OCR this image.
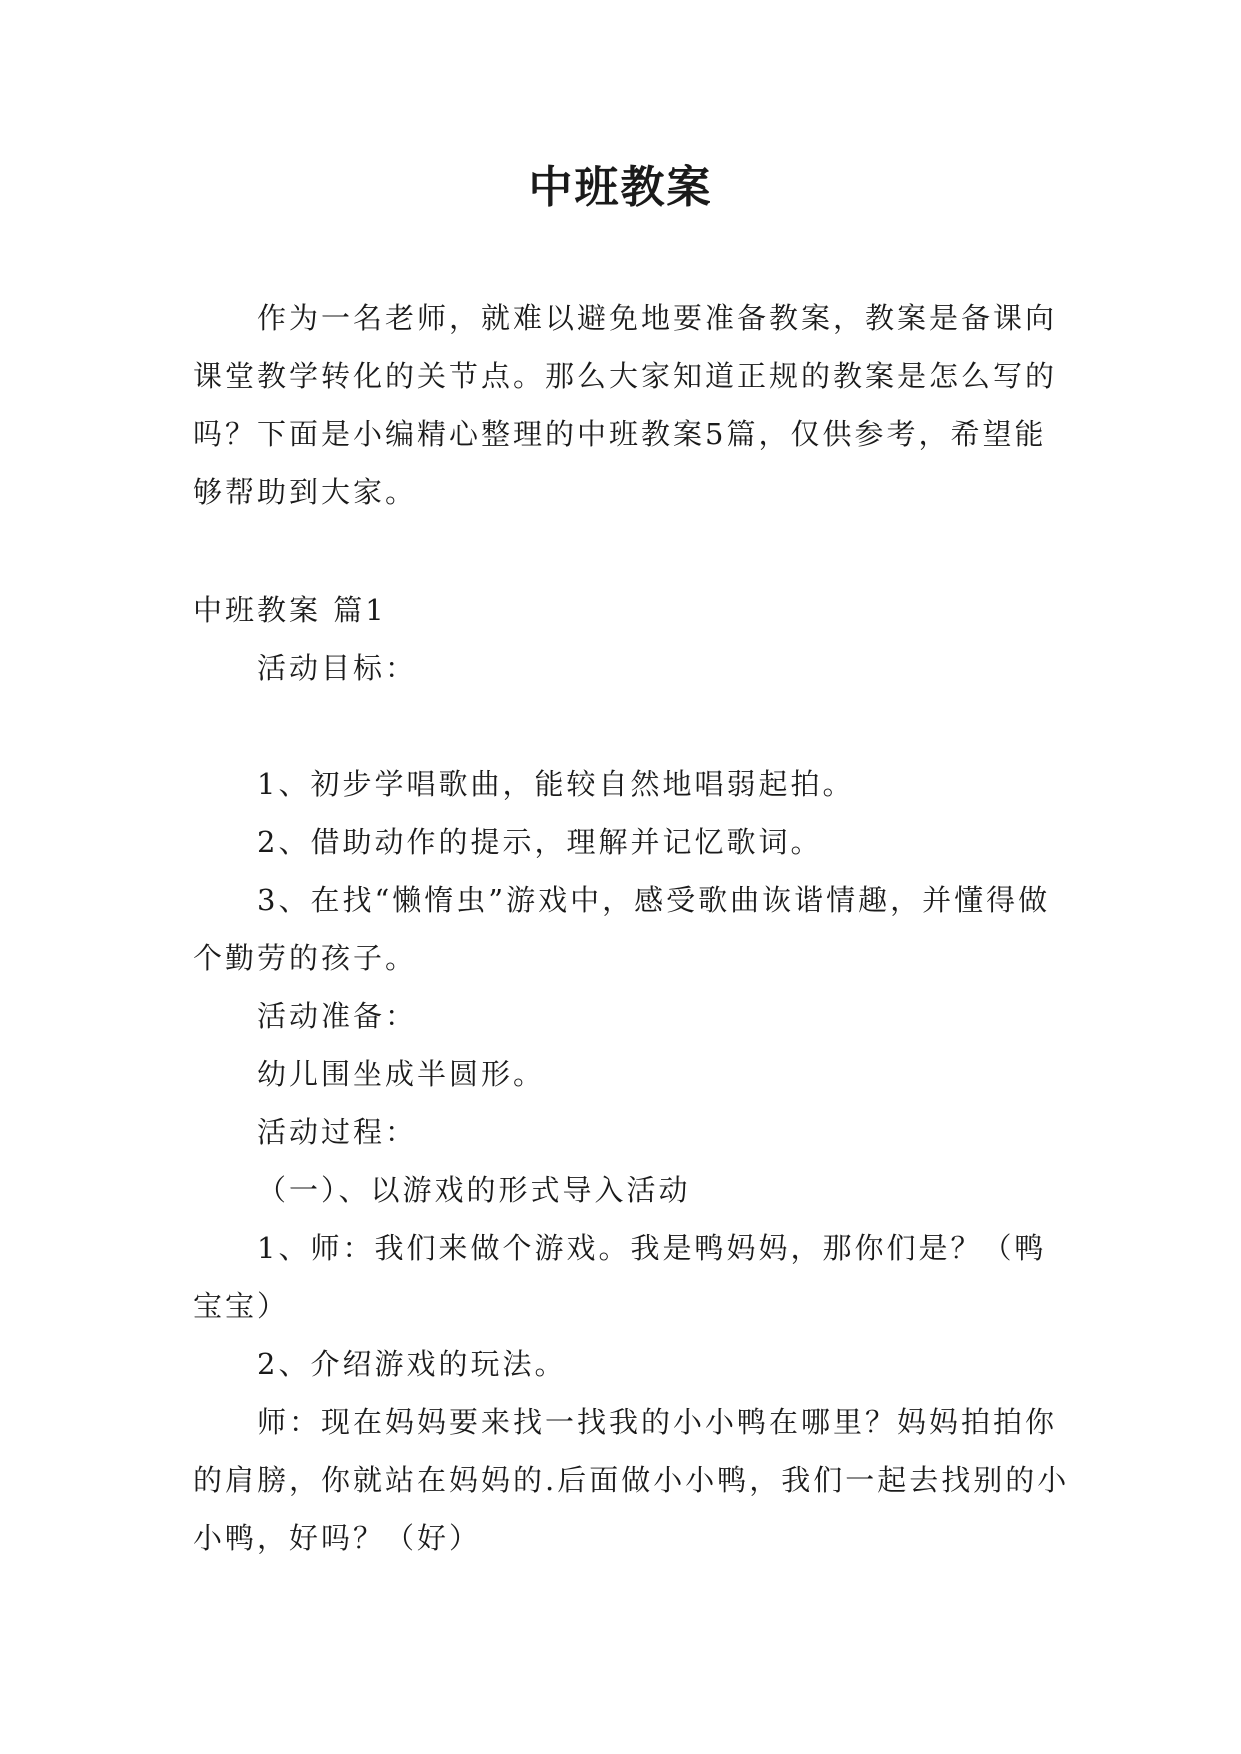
中班教案

作为一名老师，就难以避免地要准备教案，教案是备课向课堂教学转化的关节点。那么大家知道正规的教案是怎么写的吗？下面是小编精心整理的中班教案5篇，仅供参考，希望能够帮助到大家。

中班教案 篇1

活动目标：

1、初步学唱歌曲，能较自然地唱弱起拍。

2、借助动作的提示，理解并记忆歌词。

3、在找“懒惰虫”游戏中，感受歌曲诙谐情趣，并懂得做个勤劳的孩子。

活动准备：

幼儿围坐成半圆形。

活动过程：

（一）、以游戏的形式导入活动

1、师：我们来做个游戏。我是鸭妈妈，那你们是？（鸭宝宝）

2、介绍游戏的玩法。

师：现在妈妈要来找一找我的小小鸭在哪里？妈妈拍拍你的肩膀，你就站在妈妈的.后面做小小鸭，我们一起去找别的小小鸭，好吗？（好）
